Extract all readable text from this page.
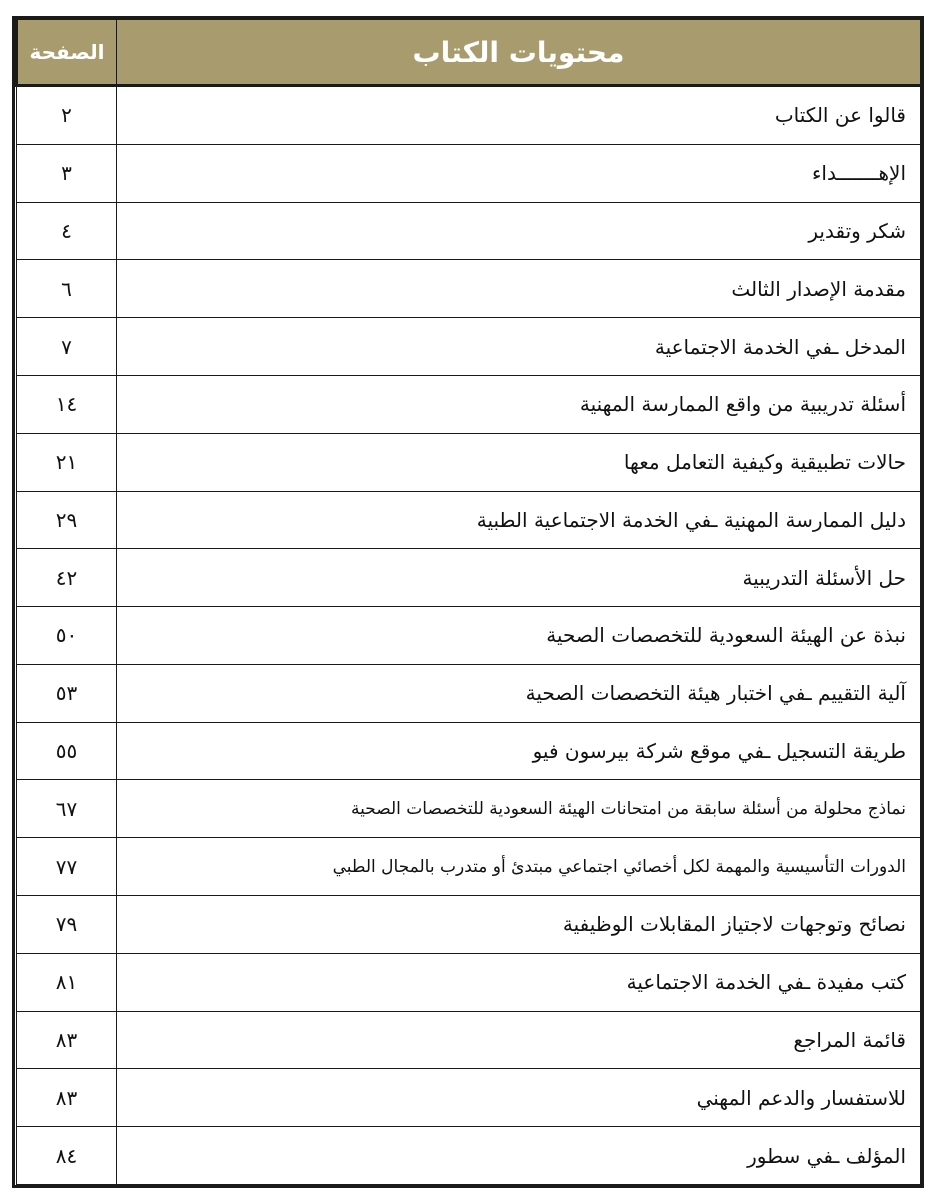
محتويات الكتاب	الصفحة
قالوا عن الكتاب	٢
الإهـــــــداء	٣
شكر وتقدير	٤
مقدمة الإصدار الثالث	٦
المدخل ـفي الخدمة الاجتماعية	٧
أسئلة تدريبية من واقع الممارسة المهنية	١٤
حالات تطبيقية وكيفية التعامل معها	٢١
دليل الممارسة المهنية ـفي الخدمة الاجتماعية الطبية	٢٩
حل الأسئلة التدريبية	٤٢
نبذة عن الهيئة السعودية للتخصصات الصحية	٥٠
آلية التقييم ـفي اختبار هيئة التخصصات الصحية	٥٣
طريقة التسجيل ـفي موقع شركة بيرسون فيو	٥٥
نماذج محلولة من أسئلة سابقة من امتحانات الهيئة السعودية للتخصصات الصحية	٦٧
الدورات التأسيسية والمهمة لكل أخصائي اجتماعي مبتدئ أو متدرب بالمجال الطبي	٧٧
نصائح وتوجهات لاجتياز المقابلات الوظيفية	٧٩
كتب مفيدة ـفي الخدمة الاجتماعية	٨١
قائمة المراجع	٨٣
للاستفسار والدعم المهني	٨٣
المؤلف ـفي سطور	٨٤
